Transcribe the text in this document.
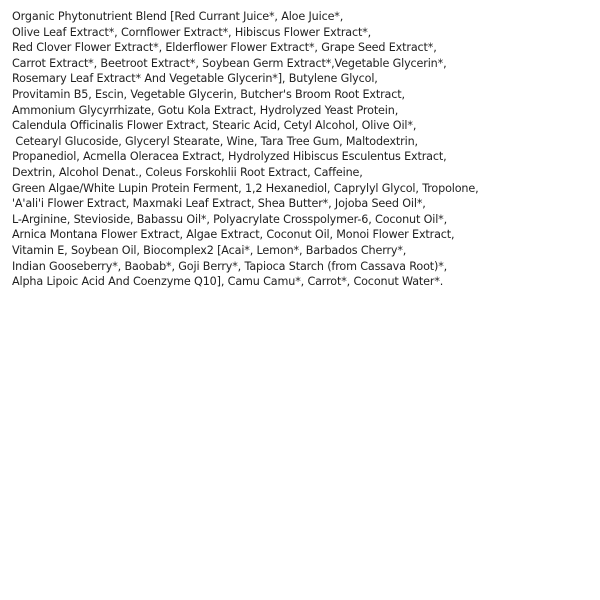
Organic Phytonutrient Blend [Red Currant Juice*, Aloe Juice*,
Olive Leaf Extract*, Cornflower Extract*, Hibiscus Flower Extract*,
Red Clover Flower Extract*, Elderflower Flower Extract*, Grape Seed Extract*,
Carrot Extract*, Beetroot Extract*, Soybean Germ Extract*,Vegetable Glycerin*,
Rosemary Leaf Extract* And Vegetable Glycerin*], Butylene Glycol,
Provitamin B5, Escin, Vegetable Glycerin, Butcher's Broom Root Extract,
Ammonium Glycyrrhizate, Gotu Kola Extract, Hydrolyzed Yeast Protein,
Calendula Officinalis Flower Extract, Stearic Acid, Cetyl Alcohol, Olive Oil*,
Cetearyl Glucoside, Glyceryl Stearate, Wine, Tara Tree Gum, Maltodextrin,
Propanediol, Acmella Oleracea Extract, Hydrolyzed Hibiscus Esculentus Extract,
Dextrin, Alcohol Denat., Coleus Forskohlii Root Extract, Caffeine,
Green Algae/White Lupin Protein Ferment, 1,2 Hexanediol, Caprylyl Glycol, Tropolone,
'A'ali'i Flower Extract, Maxmaki Leaf Extract, Shea Butter*, Jojoba Seed Oil*,
L-Arginine, Stevioside, Babassu Oil*, Polyacrylate Crosspolymer-6, Coconut Oil*,
Arnica Montana Flower Extract, Algae Extract, Coconut Oil, Monoi Flower Extract,
Vitamin E, Soybean Oil, Biocomplex2 [Acai*, Lemon*, Barbados Cherry*,
Indian Gooseberry*, Baobab*, Goji Berry*, Tapioca Starch (from Cassava Root)*,
Alpha Lipoic Acid And Coenzyme Q10], Camu Camu*, Carrot*, Coconut Water*.
